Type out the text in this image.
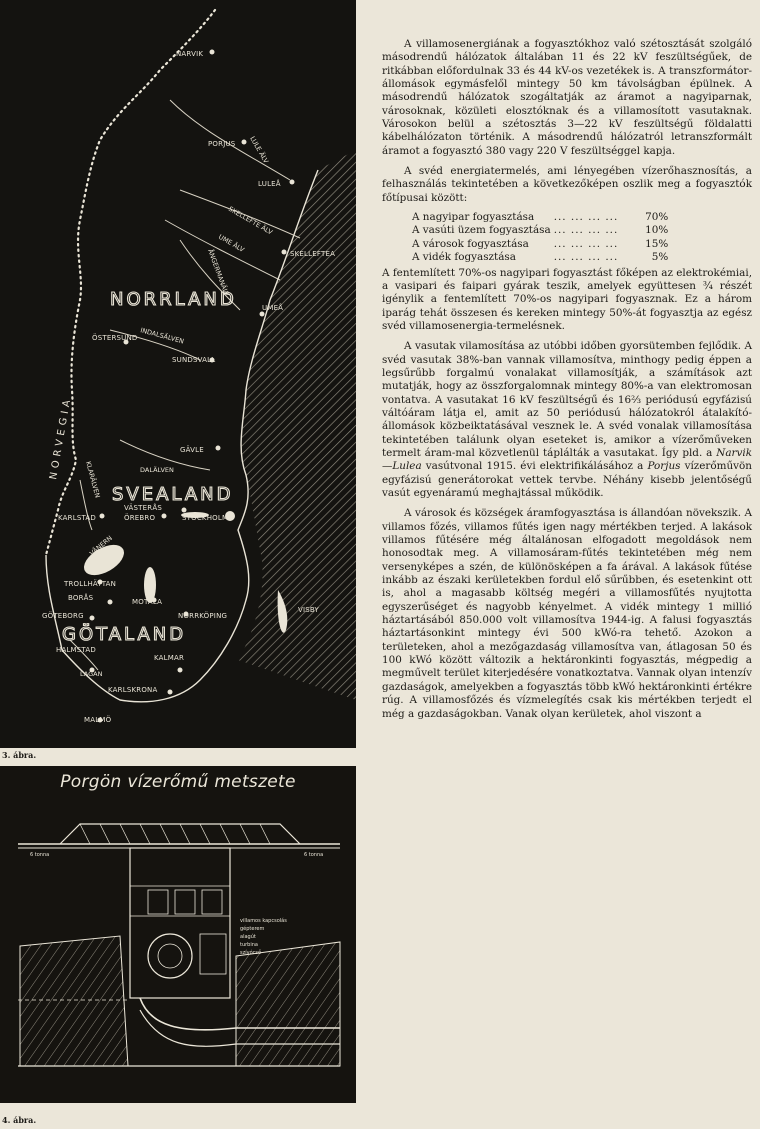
NORVEGIA
NORRLAND
SVEALAND
GÖTALAND
NARVIK
PORJUS
LULEÅ
SKELLEFTEA
UMEÅ
ÖSTERSUND
SUNDSVALL
GÄVLE
KARLSTAD
VÄSTERÅS
ÖREBRO	STOCKHOLM
MOTALA
NORRKÖPING
TROLLHÄTTAN
BORÅS
GÖTEBORG
VISBY
HALMSTAD
KALMAR
KARLSKRONA
MALMÖ
LULE ÄLV
SKELLEFTE ÄLV
UME ÄLV
ÅNGERMANÄLV
INDALSÄLVEN
DALÄLVEN
KLARÄLVEN
VÄNERN
LAGAN
3. ábra.
6 tonna	6 tonna
villamos kapcsolás
gépterem
alagút
turbina
szívócső
Porgön vízerőmű metszete
4. ábra.

A villamosenergiának a fogyasztókhoz való szétosztását szolgáló másodrendű hálózatok általában 11 és 22 kV feszültségűek, de ritkábban előfordulnak 33 és 44 kV-os vezetékek is. A transzformátor-állomások egymásfelől mintegy 50 km távolságban épülnek. A másodrendű hálózatok szogáltatják az áramot a nagyiparnak, városoknak, közületi elosztóknak és a villamosított vasutaknak. Városokon belül a szétosztás 3—22 kV feszültségű földalatti kábelhálózaton történik. A másodrendű hálózatról letranszformált áramot a fogyasztó 380 vagy 220 V feszültséggel kapja.

A svéd energiatermelés, ami lényegében vízerőhasznosítás, a felhasználás tekintetében a következőképen oszlik meg a fogyasztók főtípusai között:

A nagyipar fogyasztása	... ... ... ...	70%
A vasúti üzem fogyasztása	... ... ... ...	10%
A városok fogyasztása	... ... ... ...	15%
A vidék fogyasztása	... ... ... ...	5%

A fentemlített 70%-os nagyipari fogyasztást főképen az elektrokémiai, a vasipari és faipari gyárak teszik, amelyek együttesen ¾ részét igénylik a fentemlített 70%-os nagyipari fogyasznak. Ez a három iparág tehát összesen és kereken mintegy 50%-át fogyasztja az egész svéd villamosenergia-termelésnek.

A vasutak vilamosítása az utóbbi időben gyorsütemben fejlődik. A svéd vasutak 38%-ban vannak villamosítva, minthogy pedig éppen a legsűrűbb forgalmú vonalakat villamosítják, a számítások azt mutatják, hogy az összforgalomnak mintegy 80%-a van elektromosan vontatva. A vasutakat 16 kV feszültségű és 16⅔ periódusú egyfázisú váltóáram látja el, amit az 50 periódusú hálózatokról átalakító-állomások közbeiktatásával vesznek le. A svéd vonalak villamosítása tekintetében találunk olyan eseteket is, amikor a vízerőműveken termelt áram-mal közvetlenül táplálták a vasutakat. Így pld. a Narvik—Lulea vasútvonal 1915. évi elektrifikálásához a Porjus vízerőművön egyfázisú generátorokat vettek tervbe. Néhány kisebb jelentőségű vasút egyenáramú meghajtással működik.

A városok és községek áramfogyasztása is állandóan növekszik. A villamos főzés, villamos fűtés igen nagy mértékben terjed. A lakások villamos fűtésére még általánosan elfogadott megoldások nem honosodtak meg. A villamosáram-fűtés tekintetében még nem versenyképes a szén, de különösképen a fa árával. A lakások fűtése inkább az északi kerületekben fordul elő sűrűbben, és esetenkint ott is, ahol a magasabb költség megéri a villamosfűtés nyujtotta egyszerűséget és nagyobb kényelmet. A vidék mintegy 1 millió háztartásából 850.000 volt villamosítva 1944-ig. A falusi fogyasztás háztartásonkint mintegy évi 500 kWó-ra tehető. Azokon a területeken, ahol a mezőgazdaság villamosítva van, átlagosan 50 és 100 kWó között változik a hektáronkinti fogyasztás, mégpedig a megművelt terület kiterjedésére vonatkoztatva. Vannak olyan intenzív gazdaságok, amelyekben a fogyasztás több kWó hektáronkinti értékre rúg. A villamosfőzés és vízmelegítés csak kis mértékben terjedt el még a gazdaságokban. Vanak olyan kerületek, ahol viszont a
